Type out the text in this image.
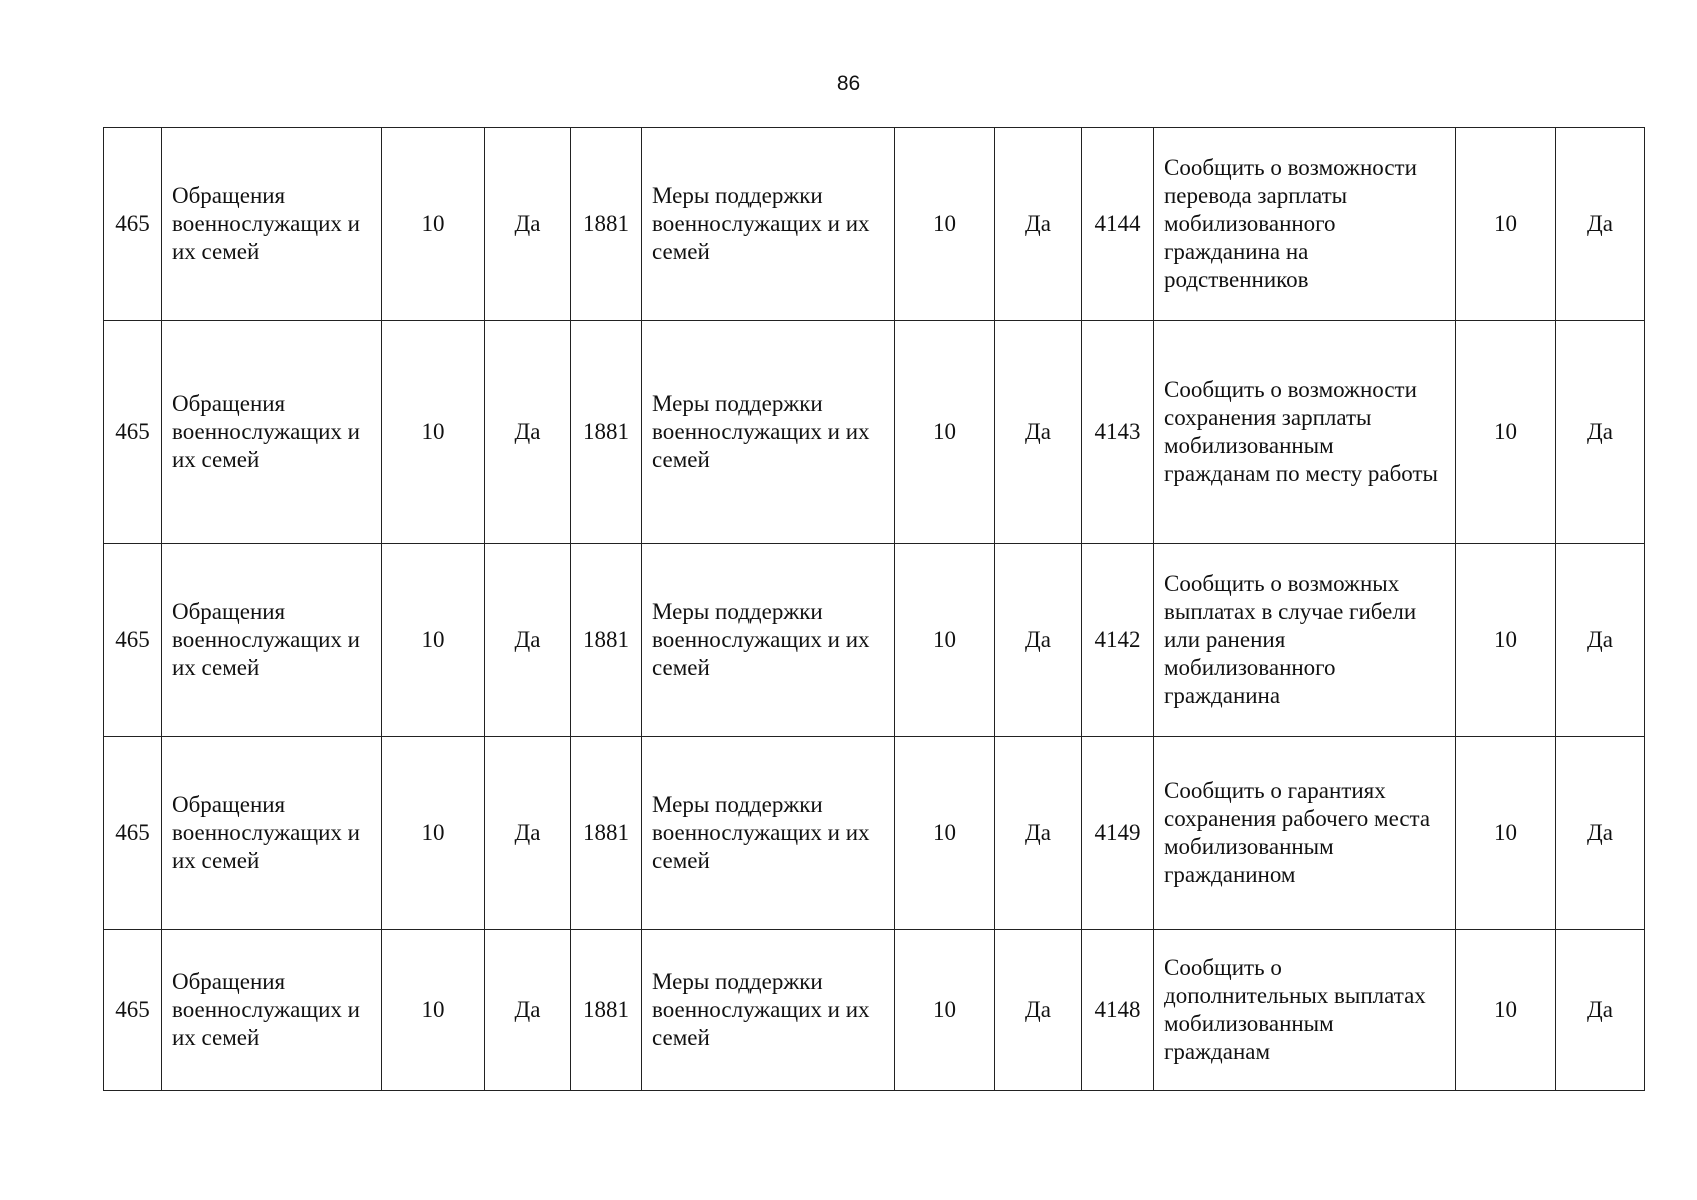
86
465	Обращения военнослужащих и их семей	10	Да	1881	Меры поддержки военнослужащих и их семей	10	Да	4144	Сообщить о возможности перевода зарплаты мобилизованного гражданина на родственников	10	Да
465	Обращения военнослужащих и их семей	10	Да	1881	Меры поддержки военнослужащих и их семей	10	Да	4143	Сообщить о возможности сохранения зарплаты мобилизованным гражданам по месту работы	10	Да
465	Обращения военнослужащих и их семей	10	Да	1881	Меры поддержки военнослужащих и их семей	10	Да	4142	Сообщить о возможных выплатах в случае гибели или ранения мобилизованного гражданина	10	Да
465	Обращения военнослужащих и их семей	10	Да	1881	Меры поддержки военнослужащих и их семей	10	Да	4149	Сообщить о гарантиях сохранения рабочего места мобилизованным гражданином	10	Да
465	Обращения военнослужащих и их семей	10	Да	1881	Меры поддержки военнослужащих и их семей	10	Да	4148	Сообщить о дополнительных выплатах мобилизованным гражданам	10	Да
